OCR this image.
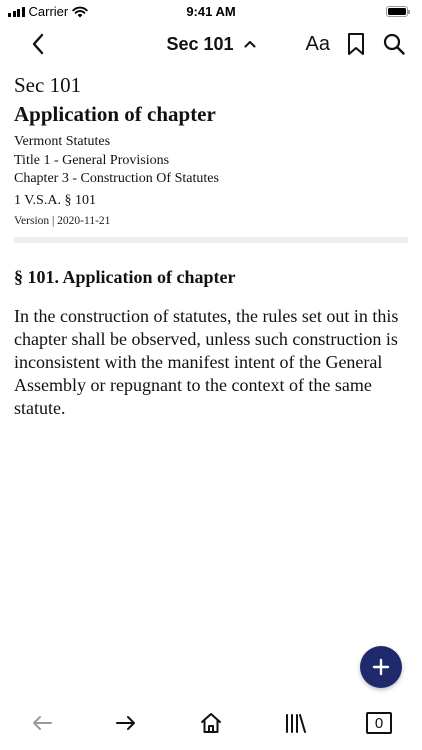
Carrier	9:41 AM
Sec 101	Aa
Sec 101
Application of chapter
Vermont Statutes
Title 1 - General Provisions
Chapter 3 - Construction Of Statutes
1 V.S.A. § 101
Version | 2020-11-21
§ 101. Application of chapter
In the construction of statutes, the rules set out in this chapter shall be observed, unless such construction is inconsistent with the manifest intent of the General Assembly or repugnant to the context of the same statute.
0
